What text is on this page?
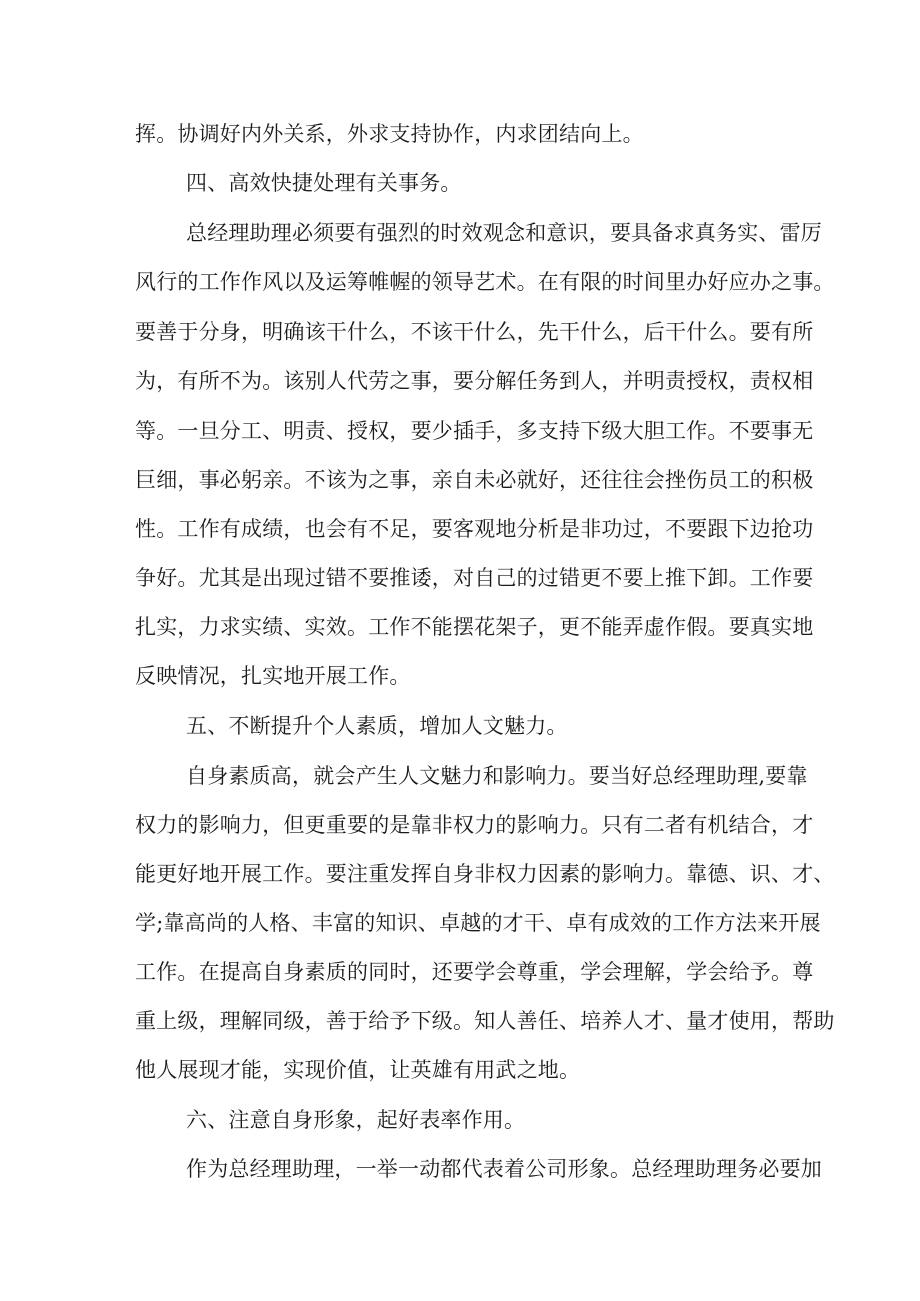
挥。协调好内外关系，外求支持协作，内求团结向上。
四、高效快捷处理有关事务。
总经理助理必须要有强烈的时效观念和意识，要具备求真务实、雷厉
风行的工作作风以及运筹帷幄的领导艺术。在有限的时间里办好应办之事。
要善于分身，明确该干什么，不该干什么，先干什么，后干什么。要有所
为，有所不为。该别人代劳之事，要分解任务到人，并明责授权，责权相
等。一旦分工、明责、授权，要少插手，多支持下级大胆工作。不要事无
巨细，事必躬亲。不该为之事，亲自未必就好，还往往会挫伤员工的积极
性。工作有成绩，也会有不足，要客观地分析是非功过，不要跟下边抢功
争好。尤其是出现过错不要推诿，对自己的过错更不要上推下卸。工作要
扎实，力求实绩、实效。工作不能摆花架子，更不能弄虚作假。要真实地
反映情况，扎实地开展工作。
五、不断提升个人素质，增加人文魅力。
自身素质高，就会产生人文魅力和影响力。要当好总经理助理,要靠
权力的影响力，但更重要的是靠非权力的影响力。只有二者有机结合，才
能更好地开展工作。要注重发挥自身非权力因素的影响力。靠德、识、才、
学;靠高尚的人格、丰富的知识、卓越的才干、卓有成效的工作方法来开展
工作。在提高自身素质的同时，还要学会尊重，学会理解，学会给予。尊
重上级，理解同级，善于给予下级。知人善任、培养人才、量才使用，帮助
他人展现才能，实现价值，让英雄有用武之地。
六、注意自身形象，起好表率作用。
作为总经理助理，一举一动都代表着公司形象。总经理助理务必要加
